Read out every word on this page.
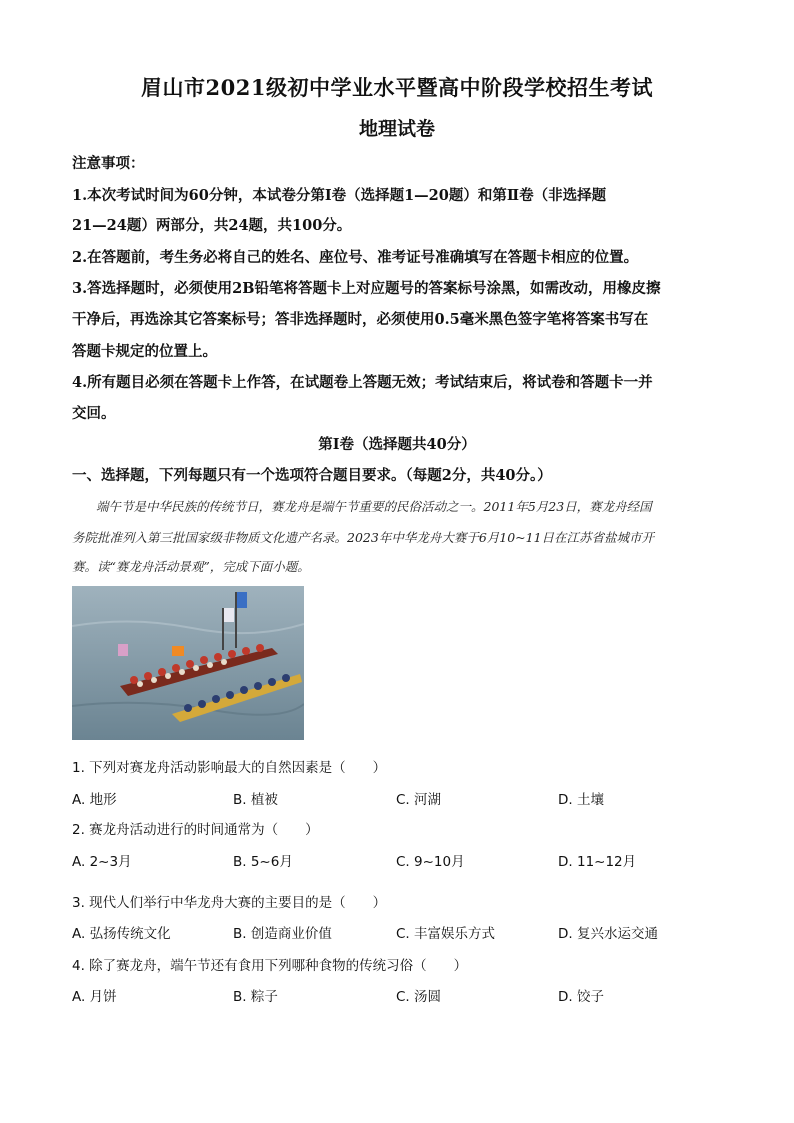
眉山市2021级初中学业水平暨高中阶段学校招生考试
地理试卷
注意事项：
1.本次考试时间为60分钟，本试卷分第Ⅰ卷（选择题1—20题）和第Ⅱ卷（非选择题
21—24题）两部分，共24题，共100分。
2.在答题前，考生务必将自己的姓名、座位号、准考证号准确填写在答题卡相应的位置。
3.答选择题时，必须使用2B铅笔将答题卡上对应题号的答案标号涂黑，如需改动，用橡皮擦
干净后，再选涂其它答案标号；答非选择题时，必须使用0.5毫米黑色签字笔将答案书写在
答题卡规定的位置上。
4.所有题目必须在答题卡上作答，在试题卷上答题无效；考试结束后，将试卷和答题卡一并
交回。
第Ⅰ卷（选择题共40分）
一、选择题，下列每题只有一个选项符合题目要求。（每题2分，共40分。）
端午节是中华民族的传统节日，赛龙舟是端午节重要的民俗活动之一。2011年5月23日，赛龙舟经国
务院批准列入第三批国家级非物质文化遗产名录。2023年中华龙舟大赛于6月10~11日在江苏省盐城市开
赛。读“赛龙舟活动景观”，完成下面小题。
1. 下列对赛龙舟活动影响最大的自然因素是（　　）
A. 地形	B. 植被	C. 河湖	D. 土壤
2. 赛龙舟活动进行的时间通常为（　　）
A. 2~3月	B. 5~6月	C. 9~10月	D. 11~12月
3. 现代人们举行中华龙舟大赛的主要目的是（　　）
A. 弘扬传统文化	B. 创造商业价值	C. 丰富娱乐方式	D. 复兴水运交通
4. 除了赛龙舟，端午节还有食用下列哪种食物的传统习俗（　　）
A. 月饼	B. 粽子	C. 汤圆	D. 饺子
